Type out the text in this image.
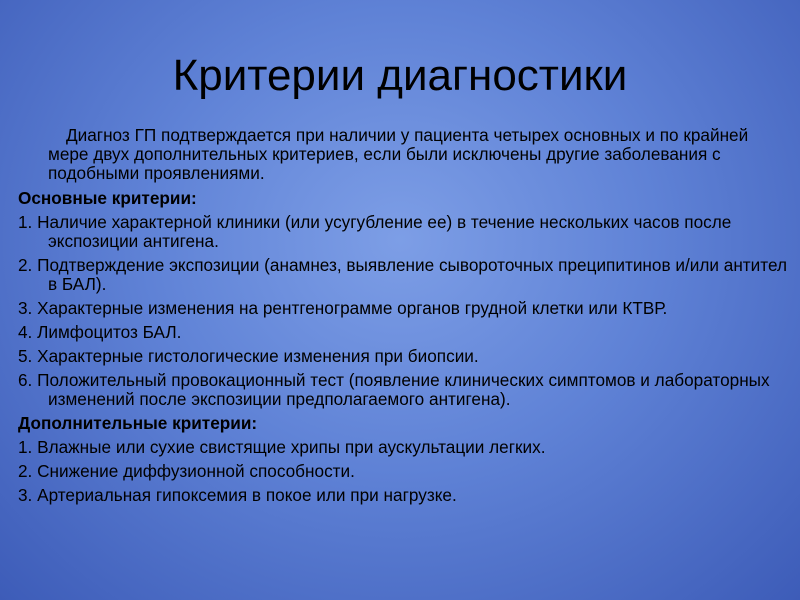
Критерии диагностики

Диагноз ГП подтверждается при наличии у пациента четырех основных и по крайней мере двух дополнительных критериев, если были исключены другие заболевания с подобными проявлениями.

Основные критерии:

1. Наличие характерной клиники (или усугубление ее) в течение нескольких часов после экспозиции антигена.

2. Подтверждение экспозиции (анамнез, выявление сывороточных преципитинов и/или антител в БАЛ).

3. Характерные изменения на рентгенограмме органов грудной клетки или КТВР.

4. Лимфоцитоз БАЛ.

5. Характерные гистологические изменения при биопсии.

6. Положительный провокационный тест (появление клинических симптомов и лабораторных изменений после экспозиции предполагаемого антигена).

Дополнительные критерии:

1. Влажные или сухие свистящие хрипы при аускультации легких.

2. Снижение диффузионной способности.

3. Артериальная гипоксемия в покое или при нагрузке.
